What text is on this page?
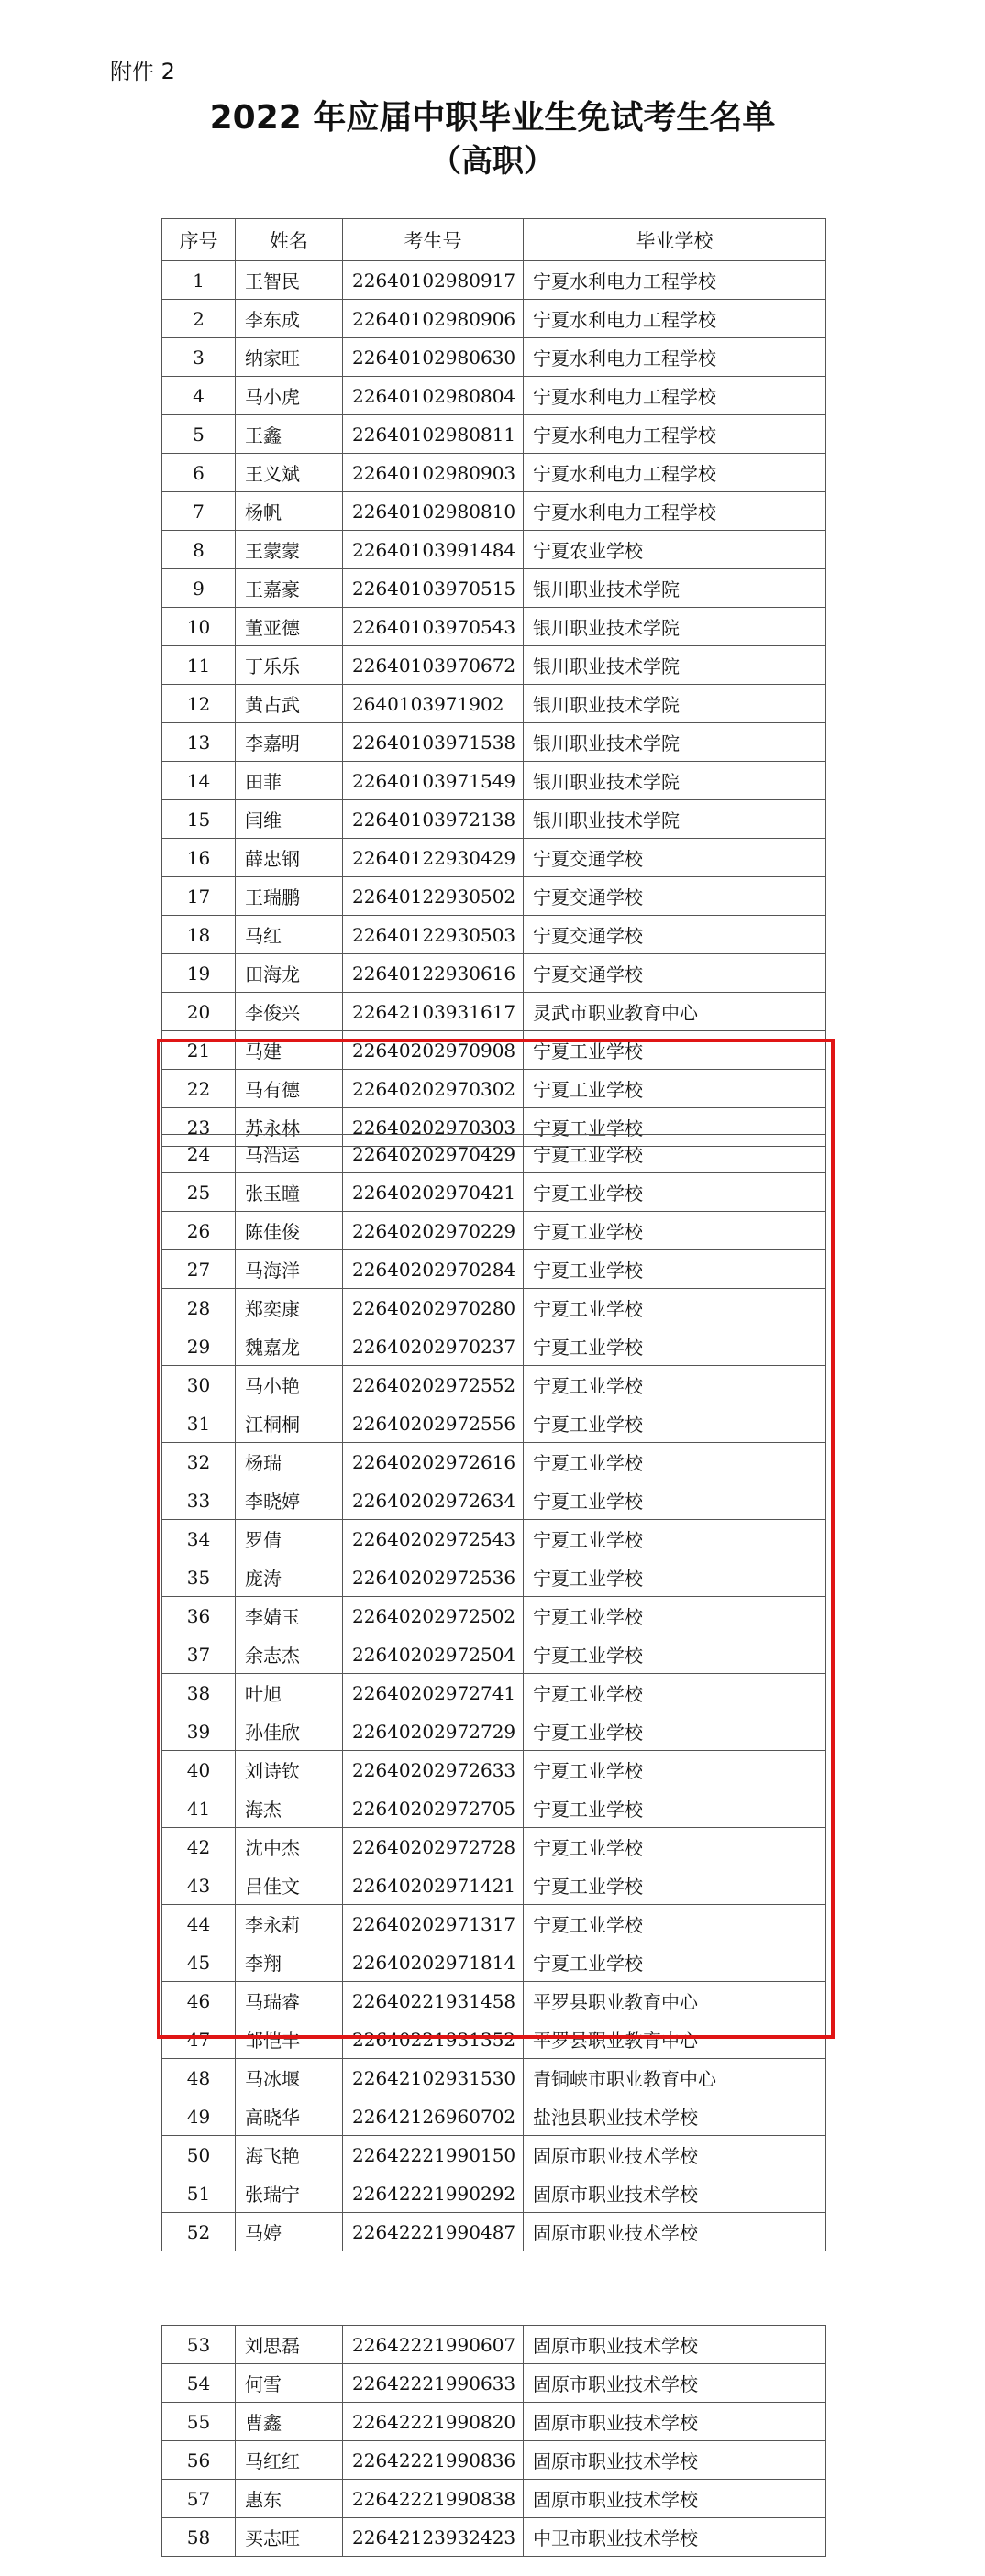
附件 2
2022 年应届中职毕业生免试考生名单
（高职）
序号	姓名	考生号	毕业学校
1	王智民	22640102980917	宁夏水利电力工程学校
2	李东成	22640102980906	宁夏水利电力工程学校
3	纳家旺	22640102980630	宁夏水利电力工程学校
4	马小虎	22640102980804	宁夏水利电力工程学校
5	王鑫	22640102980811	宁夏水利电力工程学校
6	王义斌	22640102980903	宁夏水利电力工程学校
7	杨帆	22640102980810	宁夏水利电力工程学校
8	王蒙蒙	22640103991484	宁夏农业学校
9	王嘉豪	22640103970515	银川职业技术学院
10	董亚德	22640103970543	银川职业技术学院
11	丁乐乐	22640103970672	银川职业技术学院
12	黄占武	2640103971902	银川职业技术学院
13	李嘉明	22640103971538	银川职业技术学院
14	田菲	22640103971549	银川职业技术学院
15	闫维	22640103972138	银川职业技术学院
16	薛忠钢	22640122930429	宁夏交通学校
17	王瑞鹏	22640122930502	宁夏交通学校
18	马红	22640122930503	宁夏交通学校
19	田海龙	22640122930616	宁夏交通学校
20	李俊兴	22642103931617	灵武市职业教育中心
21	马建	22640202970908	宁夏工业学校
22	马有德	22640202970302	宁夏工业学校
23	苏永林	22640202970303	宁夏工业学校
24	马浩运	22640202970429	宁夏工业学校
25	张玉瞳	22640202970421	宁夏工业学校
26	陈佳俊	22640202970229	宁夏工业学校
27	马海洋	22640202970284	宁夏工业学校
28	郑奕康	22640202970280	宁夏工业学校
29	魏嘉龙	22640202970237	宁夏工业学校
30	马小艳	22640202972552	宁夏工业学校
31	江桐桐	22640202972556	宁夏工业学校
32	杨瑞	22640202972616	宁夏工业学校
33	李晓婷	22640202972634	宁夏工业学校
34	罗倩	22640202972543	宁夏工业学校
35	庞涛	22640202972536	宁夏工业学校
36	李婧玉	22640202972502	宁夏工业学校
37	余志杰	22640202972504	宁夏工业学校
38	叶旭	22640202972741	宁夏工业学校
39	孙佳欣	22640202972729	宁夏工业学校
40	刘诗钦	22640202972633	宁夏工业学校
41	海杰	22640202972705	宁夏工业学校
42	沈中杰	22640202972728	宁夏工业学校
43	吕佳文	22640202971421	宁夏工业学校
44	李永莉	22640202971317	宁夏工业学校
45	李翔	22640202971814	宁夏工业学校
46	马瑞睿	22640221931458	平罗县职业教育中心
47	邹恺丰	22640221931352	平罗县职业教育中心
48	马冰堰	22642102931530	青铜峡市职业教育中心
49	高晓华	22642126960702	盐池县职业技术学校
50	海飞艳	22642221990150	固原市职业技术学校
51	张瑞宁	22642221990292	固原市职业技术学校
52	马婷	22642221990487	固原市职业技术学校
53	刘思磊	22642221990607	固原市职业技术学校
54	何雪	22642221990633	固原市职业技术学校
55	曹鑫	22642221990820	固原市职业技术学校
56	马红红	22642221990836	固原市职业技术学校
57	惠东	22642221990838	固原市职业技术学校
58	买志旺	22642123932423	中卫市职业技术学校
